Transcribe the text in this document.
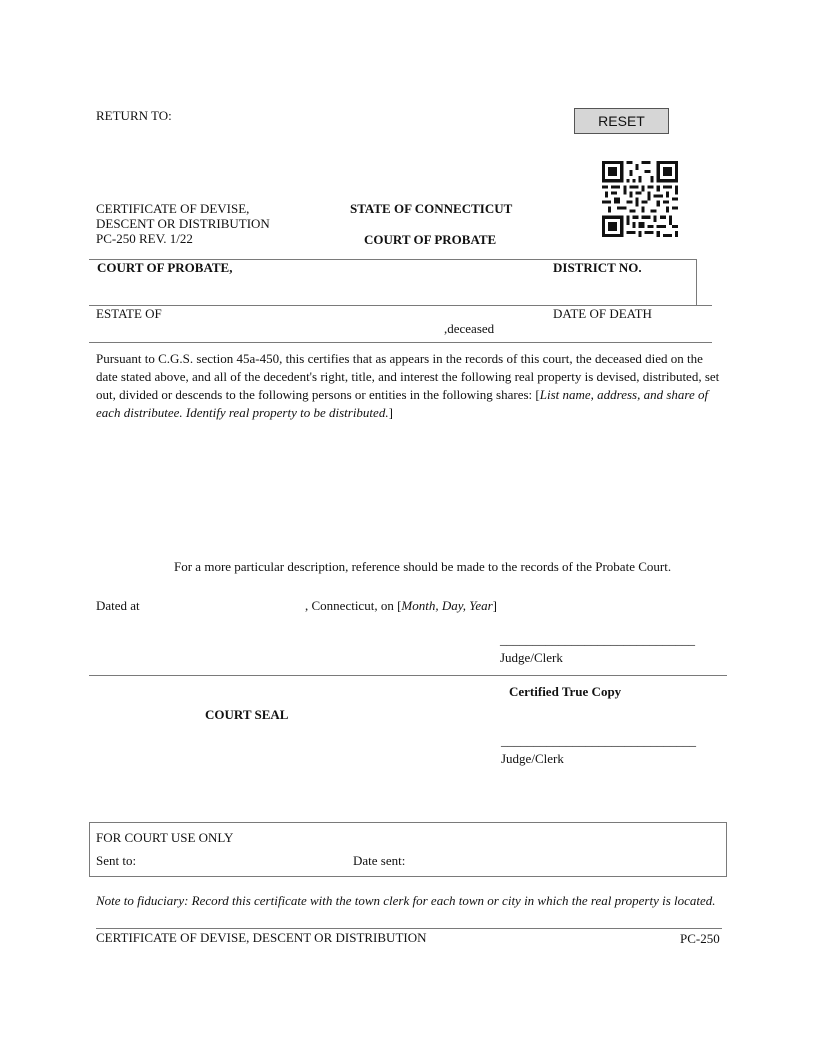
RETURN TO:	RESET
CERTIFICATE OF DEVISE,
DESCENT OR DISTRIBUTION
PC-250 REV. 1/22
STATE OF CONNECTICUT
COURT OF PROBATE
COURT OF PROBATE,	DISTRICT NO.
ESTATE OF
,deceased
DATE OF DEATH
Pursuant to C.G.S. section 45a-450, this certifies that as appears in the records of this court, the deceased died on the date stated above, and all of the decedent's right, title, and interest the following real property is devised, distributed, set out, divided or descends to the following persons or entities in the following shares: [List name, address, and share of each distributee. Identify real property to be distributed.]
For a more particular description, reference should be made to the records of the Probate Court.
Dated at	, Connecticut, on [Month, Day, Year]
______________________________
Judge/Clerk
Certified True Copy
COURT SEAL
______________________________
Judge/Clerk
FOR COURT USE ONLY
Sent to:	Date sent:
Note to fiduciary: Record this certificate with the town clerk for each town or city in which the real property is located.
CERTIFICATE OF DEVISE, DESCENT OR DISTRIBUTION	PC-250
